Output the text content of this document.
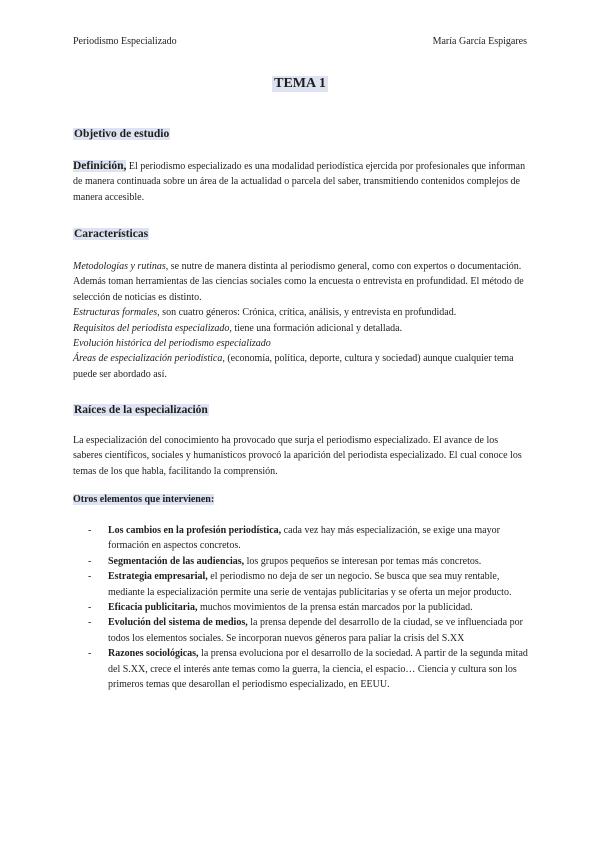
Periodismo Especializado	María García Espigares
TEMA 1
Objetivo de estudio

Definición, El periodismo especializado es una modalidad periodística ejercida por profesionales que informan de manera continuada sobre un área de la actualidad o parcela del saber, transmitiendo contenidos complejos de manera accesible.

Características

Metodologías y rutinas, se nutre de manera distinta al periodismo general, como con expertos o documentación. Además toman herramientas de las ciencias sociales como la encuesta o entrevista en profundidad. El método de selección de noticias es distinto.

Estructuras formales, son cuatro géneros: Crónica, crítica, análisis, y entrevista en profundidad.

Requisitos del periodista especializado, tiene una formación adicional y detallada.

Evolución histórica del periodismo especializado

Áreas de especialización periodística, (economía, política, deporte, cultura y sociedad) aunque cualquier tema puede ser abordado así.

Raíces de la especialización

La especialización del conocimiento ha provocado que surja el periodismo especializado. El avance de los saberes científicos, sociales y humanísticos provocó la aparición del periodista especializado. El cual conoce los temas de los que habla, facilitando la comprensión.

Otros elementos que intervienen:
- Los cambios en la profesión periodística, cada vez hay más especialización, se exige una mayor formación en aspectos concretos.
- Segmentación de las audiencias, los grupos pequeños se interesan por temas más concretos.
- Estrategia empresarial, el periodismo no deja de ser un negocio. Se busca que sea muy rentable, mediante la especialización permite una serie de ventajas publicitarias y se oferta un mejor producto.
- Eficacia publicitaria, muchos movimientos de la prensa están marcados por la publicidad.
- Evolución del sistema de medios, la prensa depende del desarrollo de la ciudad, se ve influenciada por todos los elementos sociales. Se incorporan nuevos géneros para paliar la crisis del S.XX
- Razones sociológicas, la prensa evoluciona por el desarrollo de la sociedad. A partir de la segunda mitad del S.XX, crece el interés ante temas como la guerra, la ciencia, el espacio… Ciencia y cultura son los primeros temas que desarollan el periodismo especializado, en EEUU.
